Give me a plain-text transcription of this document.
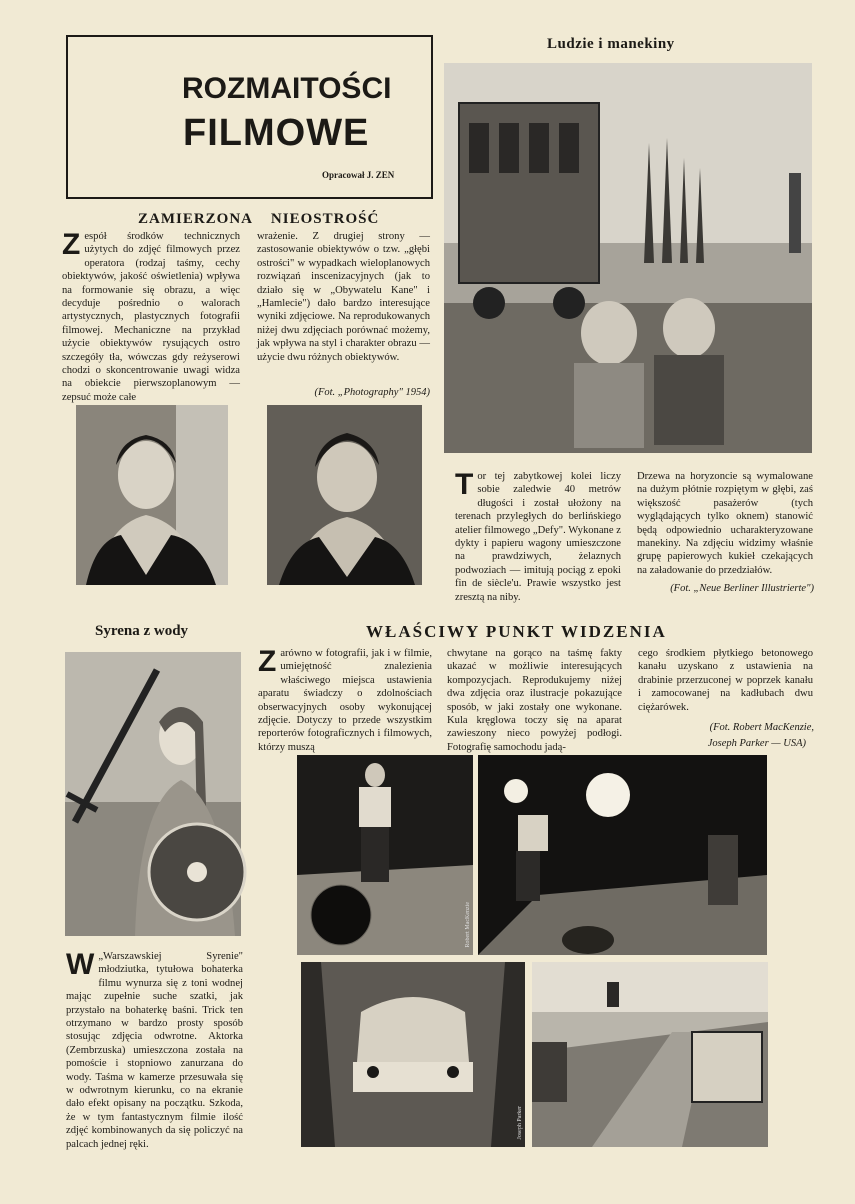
ROZMAITOŚCI
FILMOWE
Opracował J. ZEN
ZAMIERZONA NIEOSTROŚĆ
Z espół środków technicznych użytych do zdjęć filmowych przez operatora (rodzaj taśmy, cechy obiektywów, jakość oświetlenia) wpływa na formowanie się obrazu, a więc decyduje pośrednio o walorach artystycznych, plastycznych fotografii filmowej. Mechaniczne na przykład użycie obiektywów rysujących ostro szczegóły tła, wówczas gdy reżyserowi chodzi o skoncentrowanie uwagi widza na obiekcie pierwszoplanowym — zepsuć może całe
wrażenie. Z drugiej strony — zastosowanie obiektywów o tzw. „głębi ostrości" w wypadkach wieloplanowych rozwiązań inscenizacyjnych (jak to działo się w „Obywatelu Kane" i „Hamlecie") dało bardzo interesujące wyniki zdjęciowe. Na reprodukowanych niżej dwu zdjęciach porównać możemy, jak wpływa na styl i charakter obrazu — użycie dwu różnych obiektywów.
(Fot. „Photography" 1954)
Ludzie i manekiny
T or tej zabytkowej kolei liczy sobie zaledwie 40 metrów długości i został ułożony na terenach przyległych do berlińskiego atelier filmowego „Defy". Wykonane z dykty i papieru wagony umieszczone na prawdziwych, żelaznych podwoziach — imitują pociąg z epoki fin de siècle'u. Prawie wszystko jest zresztą na niby.
Drzewa na horyzoncie są wymalowane na dużym płótnie rozpiętym w głębi, zaś większość pasażerów (tych wyglądających tylko oknem) stanowić będą odpowiednio ucharakteryzowane manekiny. Na zdjęciu widzimy właśnie grupę papierowych kukieł czekających na załadowanie do przedziałów.
(Fot. „Neue Berliner Illustrierte")
Syrena z wody
W „Warszawskiej Syrenie" młodziutka, tytułowa bohaterka filmu wynurza się z toni wodnej mając zupełnie suche szatki, jak przystało na bohaterkę baśni. Trick ten otrzymano w bardzo prosty sposób stosując zdjęcia odwrotne. Aktorka (Zembrzuska) umieszczona została na pomoście i stopniowo zanurzana do wody. Taśma w kamerze przesuwała się w odwrotnym kierunku, co na ekranie dało efekt opisany na początku. Szkoda, że w tym fantastycznym filmie ilość zdjęć kombinowanych da się policzyć na palcach jednej ręki.
WŁAŚCIWY PUNKT WIDZENIA
Z arówno w fotografii, jak i w filmie, umiejętność znalezienia właściwego miejsca ustawienia aparatu świadczy o zdolnościach obserwacyjnych osoby wykonującej zdjęcie. Dotyczy to przede wszystkim reporterów fotograficznych i filmowych, którzy muszą
chwytane na gorąco na taśmę fakty ukazać w możliwie interesujących kompozycjach. Reprodukujemy niżej dwa zdjęcia oraz ilustracje pokazujące sposób, w jaki zostały one wykonane. Kula kręglowa toczy się na aparat zawieszony nieco powyżej podłogi. Fotografię samochodu jadą-
cego środkiem płytkiego betonowego kanału uzyskano z ustawienia na drabinie przerzuconej w poprzek kanału i zamocowanej na kadłubach dwu ciężarówek.
(Fot. Robert MacKenzie,
Joseph Parker — USA)
Robert MacKenzie
Joseph Parker
